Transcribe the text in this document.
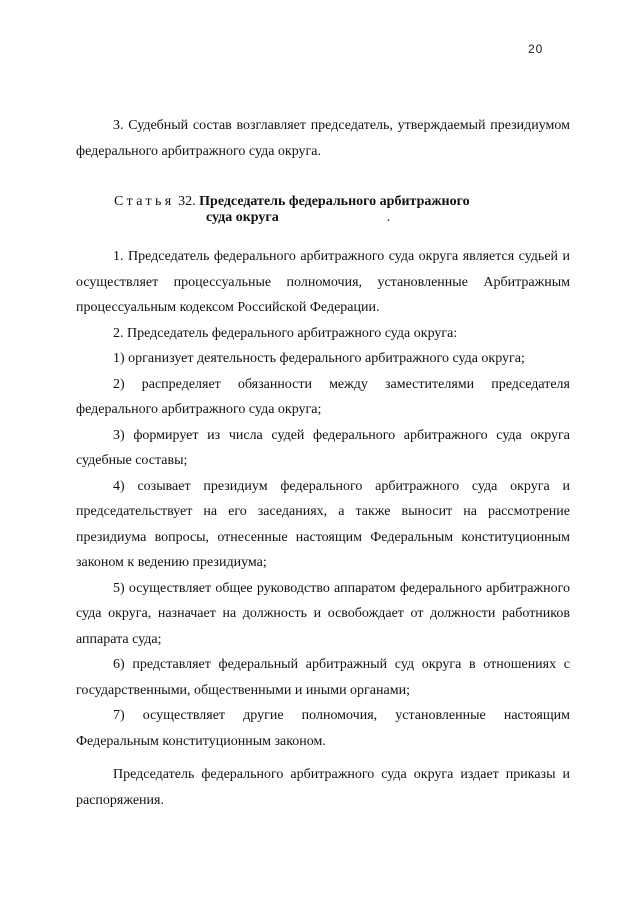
20

3. Судебный состав возглавляет председатель, утверждаемый президиумом федерального арбитражного суда округа.

Статья 32. Председатель федерального арбитражного
суда округа	.

1. Председатель федерального арбитражного суда округа является судьей и осуществляет процессуальные полномочия, установленные Арбитражным процессуальным кодексом Российской Федерации.

2. Председатель федерального арбитражного суда округа:

1) организует деятельность федерального арбитражного суда округа;

2) распределяет обязанности между заместителями председателя федерального арбитражного суда округа;

3) формирует из числа судей федерального арбитражного суда округа судебные составы;

4) созывает президиум федерального арбитражного суда округа и председательствует на его заседаниях, а также выносит на рассмотрение президиума вопросы, отнесенные настоящим Федеральным конституционным законом к ведению президиума;

5) осуществляет общее руководство аппаратом федерального арбитражного суда округа, назначает на должность и освобождает от должности работников аппарата суда;

6) представляет федеральный арбитражный суд округа в отношениях с государственными, общественными и иными органами;

7) осуществляет другие полномочия, установленные настоящим Федеральным конституционным законом.

Председатель федерального арбитражного суда округа издает приказы и распоряжения.
